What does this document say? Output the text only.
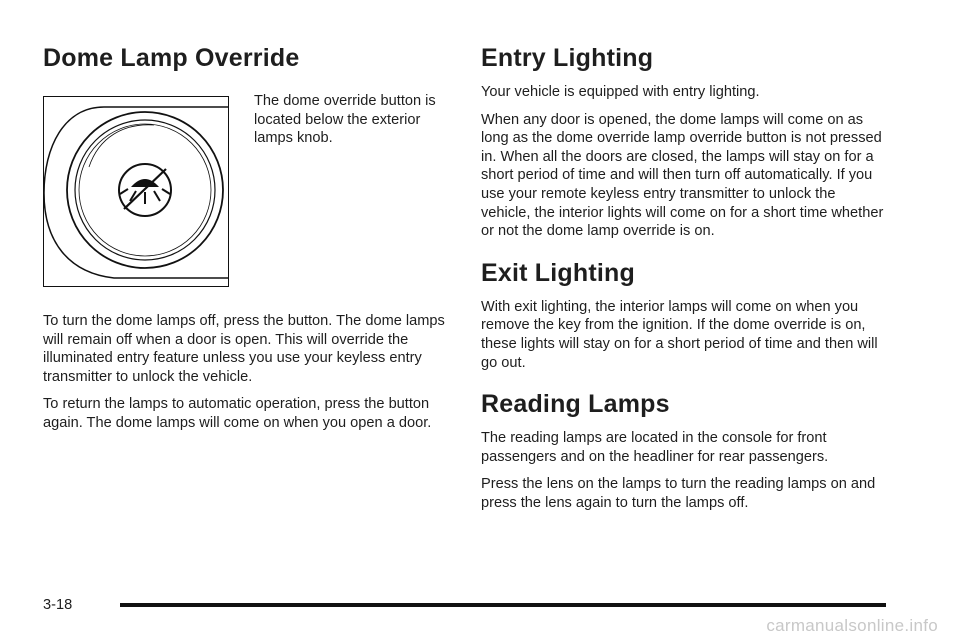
Dome Lamp Override

The dome override button is located below the exterior lamps knob.

To turn the dome lamps off, press the button. The dome lamps will remain off when a door is open. This will override the illuminated entry feature unless you use your keyless entry transmitter to unlock the vehicle.

To return the lamps to automatic operation, press the button again. The dome lamps will come on when you open a door.

Entry Lighting

Your vehicle is equipped with entry lighting.

When any door is opened, the dome lamps will come on as long as the dome override lamp override button is not pressed in. When all the doors are closed, the lamps will stay on for a short period of time and will then turn off automatically. If you use your remote keyless entry transmitter to unlock the vehicle, the interior lights will come on for a short time whether or not the dome lamp override is on.

Exit Lighting

With exit lighting, the interior lamps will come on when you remove the key from the ignition. If the dome override is on, these lights will stay on for a short period of time and then will go out.

Reading Lamps

The reading lamps are located in the console for front passengers and on the headliner for rear passengers.

Press the lens on the lamps to turn the reading lamps on and press the lens again to turn the lamps off.

3-18
carmanualsonline.info
